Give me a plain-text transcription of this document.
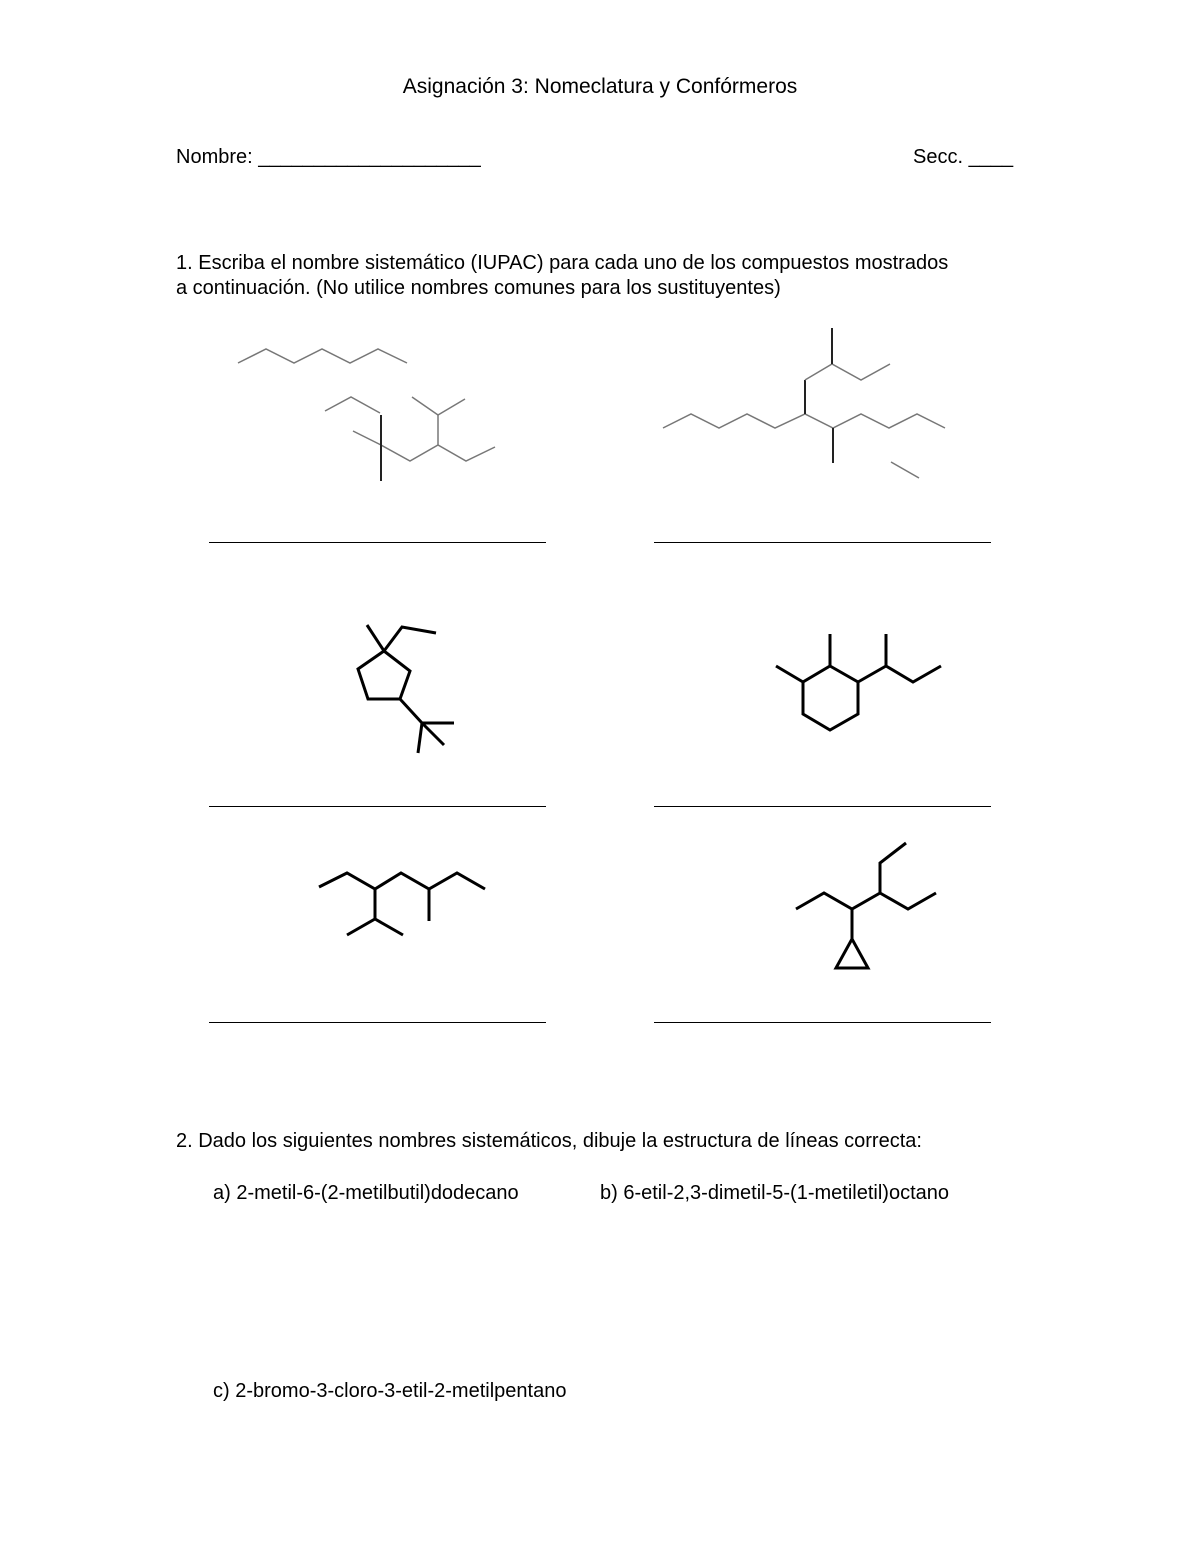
Asignación 3: Nomeclatura y Confórmeros
Nombre: ____________________	Secc. ____
1. Escriba el nombre sistemático (IUPAC) para cada uno de los compuestos mostrados
a continuación. (No utilice nombres comunes para los sustituyentes)
2. Dado los siguientes nombres sistemáticos, dibuje la estructura de líneas correcta:
a) 2-metil-6-(2-metilbutil)dodecano	b) 6-etil-2,3-dimetil-5-(1-metiletil)octano
c) 2-bromo-3-cloro-3-etil-2-metilpentano
